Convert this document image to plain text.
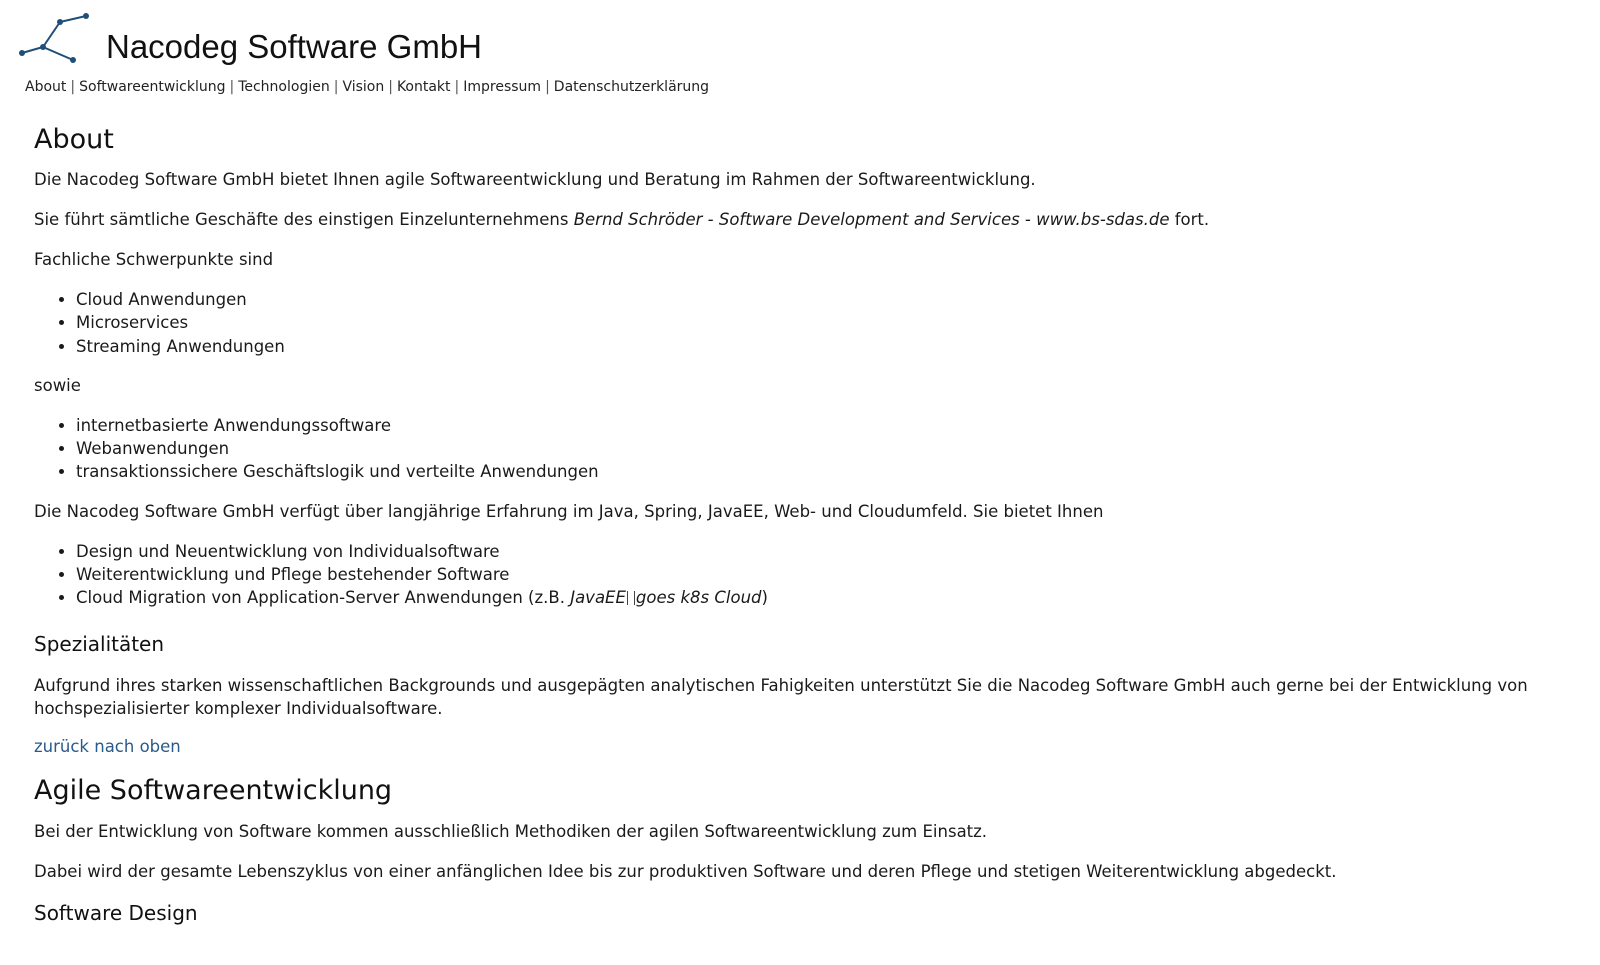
Nacodeg Software GmbH
About | Softwareentwicklung | Technologien | Vision | Kontakt | Impressum | Datenschutzerklärung
About

Die Nacodeg Software GmbH bietet Ihnen agile Softwareentwicklung und Beratung im Rahmen der Softwareentwicklung.

Sie führt sämtliche Geschäfte des einstigen Einzelunternehmens Bernd Schröder - Software Development and Services - www.bs-sdas.de fort.

Fachliche Schwerpunkte sind

• Cloud Anwendungen
• Microservices
• Streaming Anwendungen

sowie

• internetbasierte Anwendungssoftware
• Webanwendungen
• transaktionssichere Geschäftslogik und verteilte Anwendungen

Die Nacodeg Software GmbH verfügt über langjährige Erfahrung im Java, Spring, JavaEE, Web- und Cloudumfeld. Sie bietet Ihnen

• Design und Neuentwicklung von Individualsoftware
• Weiterentwicklung und Pflege bestehender Software
• Cloud Migration von Application-Server Anwendungen (z.B. JavaEE goes k8s Cloud)
Spezialitäten

Aufgrund ihres starken wissenschaftlichen Backgrounds und ausgepägten analytischen Fahigkeiten unterstützt Sie die Nacodeg Software GmbH auch gerne bei der Entwicklung von hochspezialisierter komplexer Individualsoftware.

zurück nach oben
Agile Softwareentwicklung

Bei der Entwicklung von Software kommen ausschließlich Methodiken der agilen Softwareentwicklung zum Einsatz.

Dabei wird der gesamte Lebenszyklus von einer anfänglichen Idee bis zur produktiven Software und deren Pflege und stetigen Weiterentwicklung abgedeckt.

Software Design
